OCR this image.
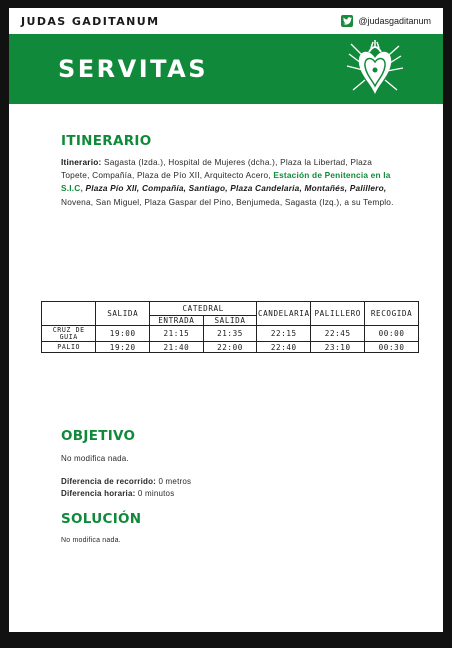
JUDAS GADITANUM	@judasgaditanum
SERVITAS
ITINERARIO
Itinerario: Sagasta (Izda.), Hospital de Mujeres (dcha.), Plaza la Libertad, Plaza Topete, Compañía, Plaza de Pío XII, Arquitecto Acero, Estación de Penitencia en la S.I.C, Plaza Pío XII, Compañía, Santiago, Plaza Candelaria, Montañés, Palillero, Novena, San Miguel, Plaza Gaspar del Pino, Benjumeda, Sagasta (Izq.), a su Templo.
	SALIDA	CATEDRAL		CANDELARIA	PALILLERO	RECOGIDA
		ENTRADA	SALIDA			
CRUZ DE
GUIA	19:00	21:15	21:35	22:15	22:45	00:00
PALIO	19:20	21:40	22:00	22:40	23:10	00:30
OBJETIVO
No modifica nada.
Diferencia de recorrido: 0 metros
Diferencia horaria: 0 minutos
SOLUCIÓN
No modifica nada.
